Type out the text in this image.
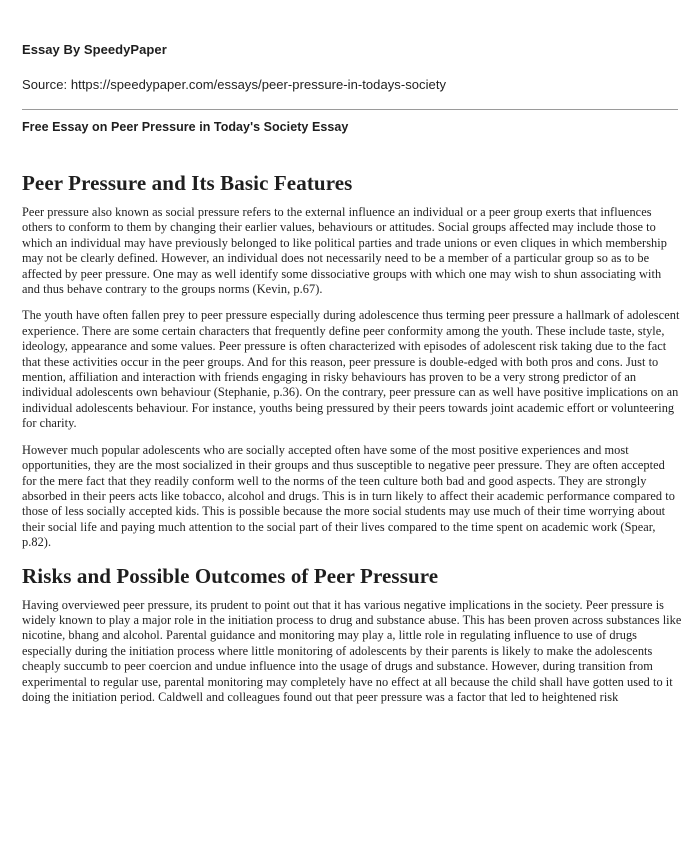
Essay By SpeedyPaper

Source: https://speedypaper.com/essays/peer-pressure-in-todays-society

Free Essay on Peer Pressure in Today's Society Essay

Peer Pressure and Its Basic Features

Peer pressure also known as social pressure refers to the external influence an individual or a peer group exerts that influences others to conform to them by changing their earlier values, behaviours or attitudes. Social groups affected may include those to which an individual may have previously belonged to like political parties and trade unions or even cliques in which membership may not be clearly defined. However, an individual does not necessarily need to be a member of a particular group so as to be affected by peer pressure. One may as well identify some dissociative groups with which one may wish to shun associating with and thus behave contrary to the groups norms (Kevin, p.67).

The youth have often fallen prey to peer pressure especially during adolescence thus terming peer pressure a hallmark of adolescent experience. There are some certain characters that frequently define peer conformity among the youth. These include taste, style, ideology, appearance and some values. Peer pressure is often characterized with episodes of adolescent risk taking due to the fact that these activities occur in the peer groups. And for this reason, peer pressure is double-edged with both pros and cons. Just to mention, affiliation and interaction with friends engaging in risky behaviours has proven to be a very strong predictor of an individual adolescents own behaviour (Stephanie, p.36). On the contrary, peer pressure can as well have positive implications on an individual adolescents behaviour. For instance, youths being pressured by their peers towards joint academic effort or volunteering for charity.

However much popular adolescents who are socially accepted often have some of the most positive experiences and most opportunities, they are the most socialized in their groups and thus susceptible to negative peer pressure. They are often accepted for the mere fact that they readily conform well to the norms of the teen culture both bad and good aspects. They are strongly absorbed in their peers acts like tobacco, alcohol and drugs. This is in turn likely to affect their academic performance compared to those of less socially accepted kids. This is possible because the more social students may use much of their time worrying about their social life and paying much attention to the social part of their lives compared to the time spent on academic work (Spear, p.82).

Risks and Possible Outcomes of Peer Pressure

Having overviewed peer pressure, its prudent to point out that it has various negative implications in the society. Peer pressure is widely known to play a major role in the initiation process to drug and substance abuse. This has been proven across substances like nicotine, bhang and alcohol. Parental guidance and monitoring may play a, little role in regulating influence to use of drugs especially during the initiation process where little monitoring of adolescents by their parents is likely to make the adolescents cheaply succumb to peer coercion and undue influence into the usage of drugs and substance. However, during transition from experimental to regular use, parental monitoring may completely have no effect at all because the child shall have gotten used to it doing the initiation period. Caldwell and colleagues found out that peer pressure was a factor that led to heightened risk
